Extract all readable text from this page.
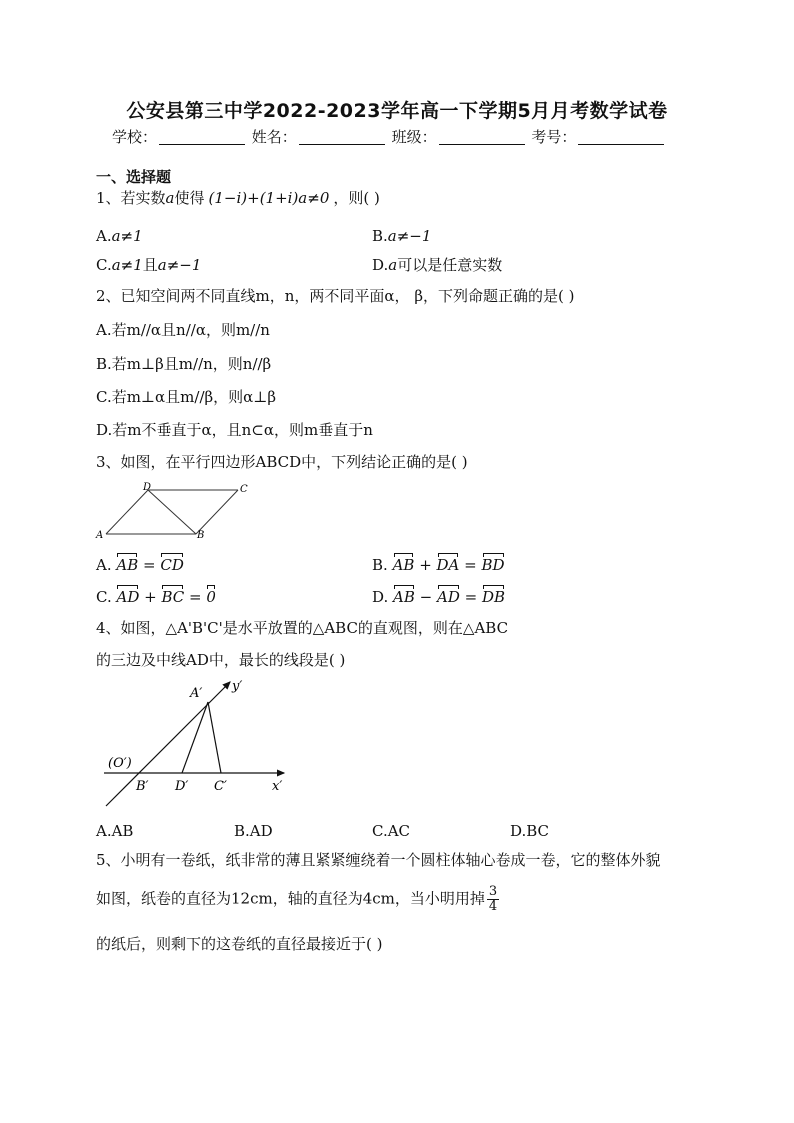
公安县第三中学2022-2023学年高一下学期5月月考数学试卷
学校：	姓名：	班级：	考号：
一、选择题
1、若实数a使得 (1−i)+(1+i)a≠0 ，则( )
A.a≠1	B.a≠−1
C.a≠1且a≠−1	D.a可以是任意实数
2、已知空间两不同直线m，n，两不同平面α， β，下列命题正确的是( )
A.若m//α且n//α，则m//n
B.若m⊥β且m//n，则n//β
C.若m⊥α且m//β，则α⊥β
D.若m不垂直于α，且n⊂α，则m垂直于n
3、如图，在平行四边形ABCD中，下列结论正确的是( )
A	B
C
D
A. AB = CD	B. AB + DA = BD
C. AD + BC = 0	D. AB − AD = DB
4、如图，△A'B'C'是水平放置的△ABC的直观图，则在△ABC
的三边及中线AD中，最长的线段是( )
A′ y′
(O′)
B′ D′ C′	x′
A.AB	B.AD	C.AC	D.BC
5、小明有一卷纸，纸非常的薄且紧紧缠绕着一个圆柱体轴心卷成一卷，它的整体外貌
如图，纸卷的直径为12cm，轴的直径为4cm，当小明用掉 $\frac{3}{4}$
的纸后，则剩下的这卷纸的直径最接近于( )
